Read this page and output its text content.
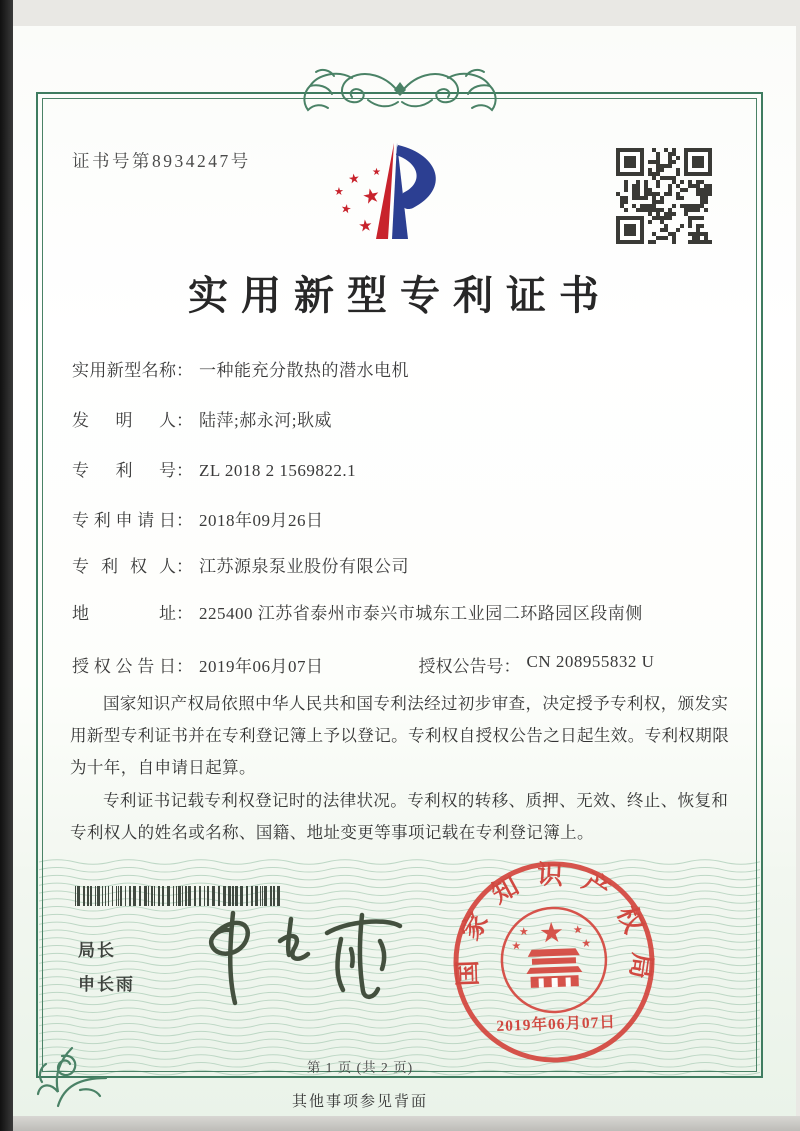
证书号第8934247号
★
★
★
★
★
★
实用新型专利证书
实用新型名称 ： 一种能充分散热的潜水电机
发明人 ： 陆萍;郝永河;耿威
专利号 ： ZL 2018 2 1569822.1
专利申请日 ： 2018年09月26日
专利权人 ： 江苏源泉泵业股份有限公司
地址 ： 225400 江苏省泰州市泰兴市城东工业园二环路园区段南侧
授权公告日 ： 2019年06月07日	授权公告号 ： CN 208955832 U

国家知识产权局依照中华人民共和国专利法经过初步审查，决定授予专利权，颁发实用新型专利证书并在专利登记簿上予以登记。专利权自授权公告之日起生效。专利权期限为十年，自申请日起算。

专利证书记载专利权登记时的法律状况。专利权的转移、质押、无效、终止、恢复和专利权人的姓名或名称、国籍、地址变更等事项记载在专利登记簿上。

局长
申长雨	国家知识产权局
★
★	★
★	★
2019年06月07日
第 1 页 (共 2 页)
其他事项参见背面
